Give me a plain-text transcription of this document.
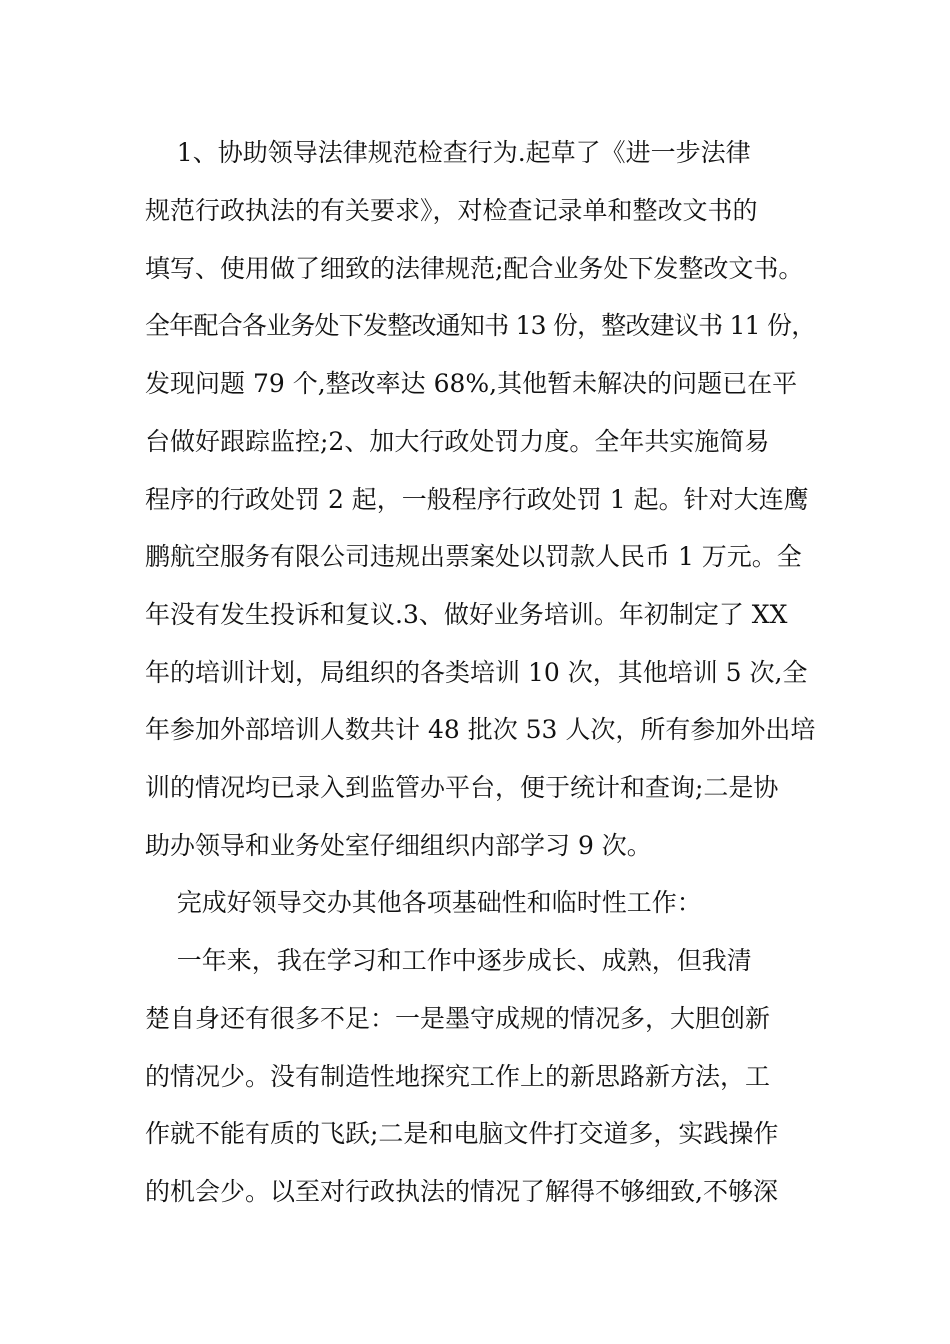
1、协助领导法律规范检查行为.起草了《进一步法律
规范行政执法的有关要求》，对检查记录单和整改文书的
填写、使用做了细致的法律规范;配合业务处下发整改文书。
全年配合各业务处下发整改通知书 13 份，整改建议书 11 份，
发现问题 79 个,整改率达 68%,其他暂未解决的问题已在平
台做好跟踪监控;2、加大行政处罚力度。全年共实施简易
程序的行政处罚 2 起，一般程序行政处罚 1 起。针对大连鹰
鹏航空服务有限公司违规出票案处以罚款人民币 1 万元。全
年没有发生投诉和复议.3、做好业务培训。年初制定了 XX
年的培训计划，局组织的各类培训 10 次，其他培训 5 次,全
年参加外部培训人数共计 48 批次 53 人次，所有参加外出培
训的情况均已录入到监管办平台，便于统计和查询;二是协
助办领导和业务处室仔细组织内部学习 9 次。
完成好领导交办其他各项基础性和临时性工作：
一年来，我在学习和工作中逐步成长、成熟，但我清
楚自身还有很多不足：一是墨守成规的情况多，大胆创新
的情况少。没有制造性地探究工作上的新思路新方法，工
作就不能有质的飞跃;二是和电脑文件打交道多，实践操作
的机会少。以至对行政执法的情况了解得不够细致,不够深
